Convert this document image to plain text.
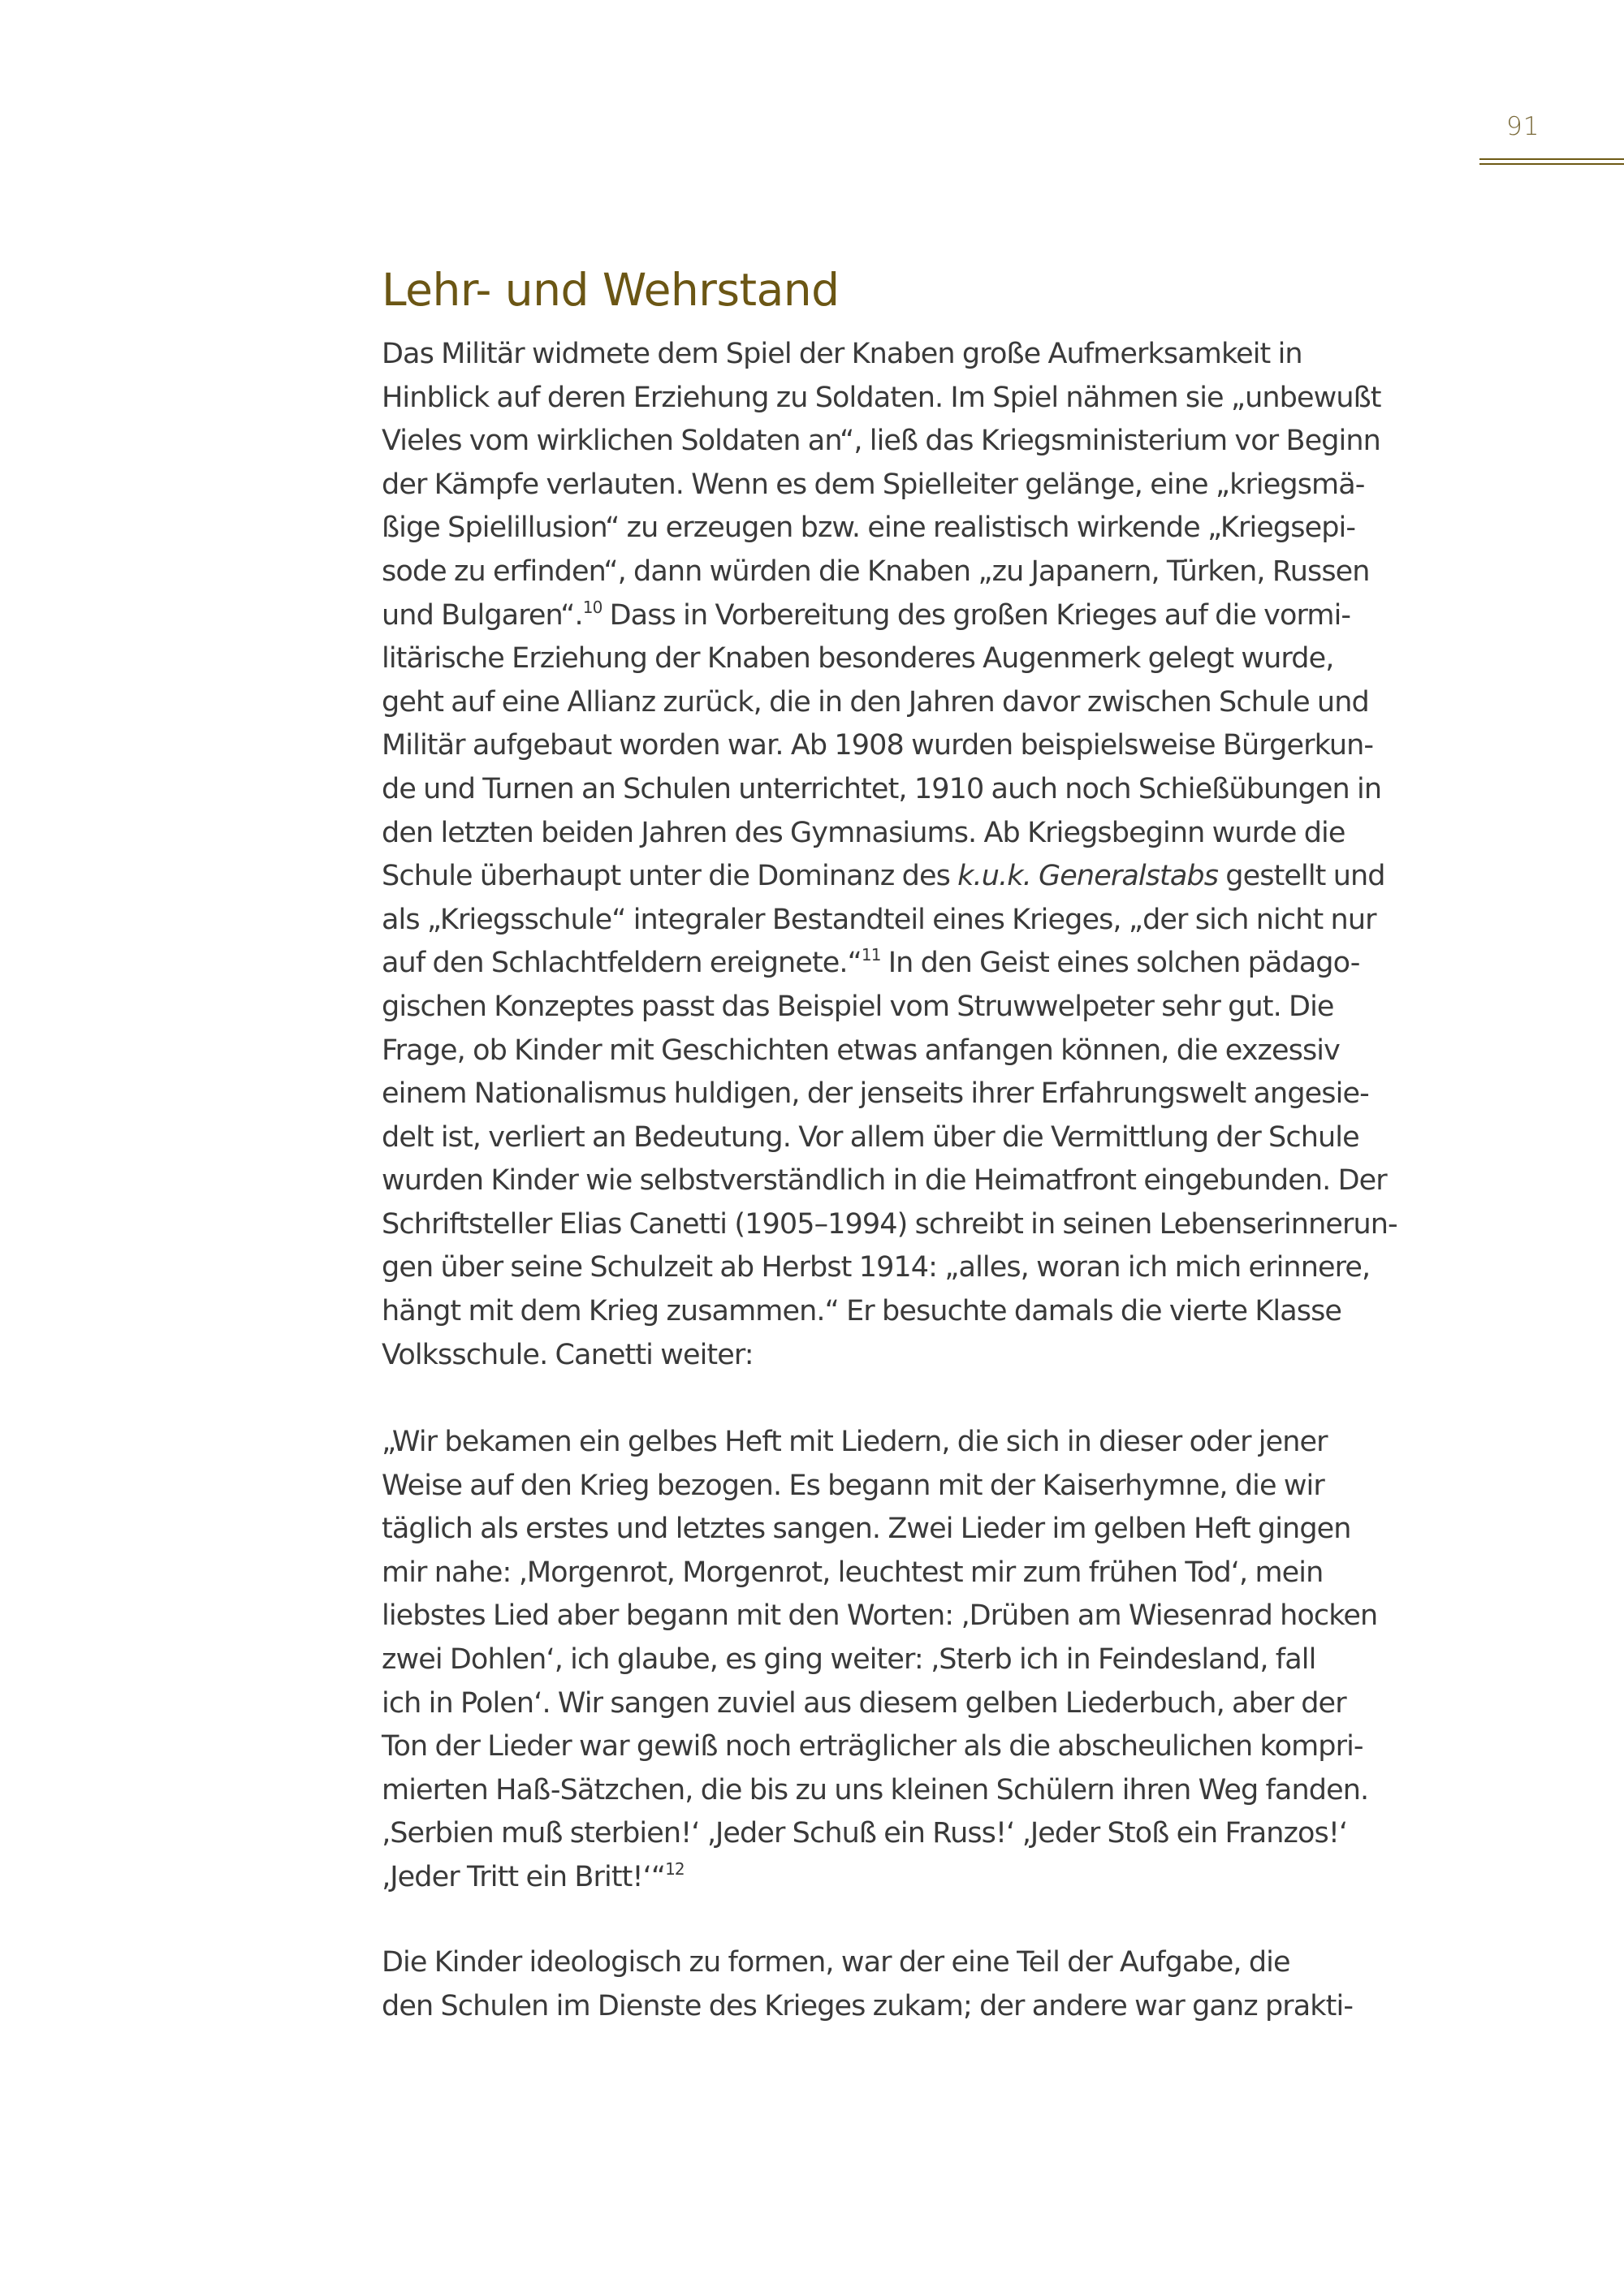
91
Lehr- und Wehrstand
Das Militär widmete dem Spiel der Knaben große Aufmerksamkeit in
Hinblick auf deren Erziehung zu Soldaten. Im Spiel nähmen sie „unbewußt
Vieles vom wirklichen Soldaten an“, ließ das Kriegsministerium vor Beginn
der Kämpfe verlauten. Wenn es dem Spielleiter gelänge, eine „kriegsmä-
ßige Spielillusion“ zu erzeugen bzw. eine realistisch wirkende „Kriegsepi-
sode zu erfinden“, dann würden die Knaben „zu Japanern, Türken, Russen
und Bulgaren“.$^{10}$ Dass in Vorbereitung des großen Krieges auf die vormi-
litärische Erziehung der Knaben besonderes Augenmerk gelegt wurde,
geht auf eine Allianz zurück, die in den Jahren davor zwischen Schule und
Militär aufgebaut worden war. Ab 1908 wurden beispielsweise Bürgerkun-
de und Turnen an Schulen unterrichtet, 1910 auch noch Schießübungen in
den letzten beiden Jahren des Gymnasiums. Ab Kriegsbeginn wurde die
Schule überhaupt unter die Dominanz des k.u.k. Generalstabs gestellt und
als „Kriegsschule“ integraler Bestandteil eines Krieges, „der sich nicht nur
auf den Schlachtfeldern ereignete.“$^{11}$ In den Geist eines solchen pädago-
gischen Konzeptes passt das Beispiel vom Struwwelpeter sehr gut. Die
Frage, ob Kinder mit Geschichten etwas anfangen können, die exzessiv
einem Nationalismus huldigen, der jenseits ihrer Erfahrungswelt angesie-
delt ist, verliert an Bedeutung. Vor allem über die Vermittlung der Schule
wurden Kinder wie selbstverständlich in die Heimatfront eingebunden. Der
Schriftsteller Elias Canetti (1905–1994) schreibt in seinen Lebenserinnerun-
gen über seine Schulzeit ab Herbst 1914: „alles, woran ich mich erinnere,
hängt mit dem Krieg zusammen.“ Er besuchte damals die vierte Klasse
Volksschule. Canetti weiter:
„Wir bekamen ein gelbes Heft mit Liedern, die sich in dieser oder jener
Weise auf den Krieg bezogen. Es begann mit der Kaiserhymne, die wir
täglich als erstes und letztes sangen. Zwei Lieder im gelben Heft gingen
mir nahe: ‚Morgenrot, Morgenrot, leuchtest mir zum frühen Tod‘, mein
liebstes Lied aber begann mit den Worten: ‚Drüben am Wiesenrad hocken
zwei Dohlen‘, ich glaube, es ging weiter: ‚Sterb ich in Feindesland, fall
ich in Polen‘. Wir sangen zuviel aus diesem gelben Liederbuch, aber der
Ton der Lieder war gewiß noch erträglicher als die abscheulichen kompri-
mierten Haß-Sätzchen, die bis zu uns kleinen Schülern ihren Weg fanden.
‚Serbien muß sterbien!‘ ‚Jeder Schuß ein Russ!‘ ‚Jeder Stoß ein Franzos!‘
‚Jeder Tritt ein Britt!‘“$^{12}$
Die Kinder ideologisch zu formen, war der eine Teil der Aufgabe, die
den Schulen im Dienste des Krieges zukam; der andere war ganz prakti-
